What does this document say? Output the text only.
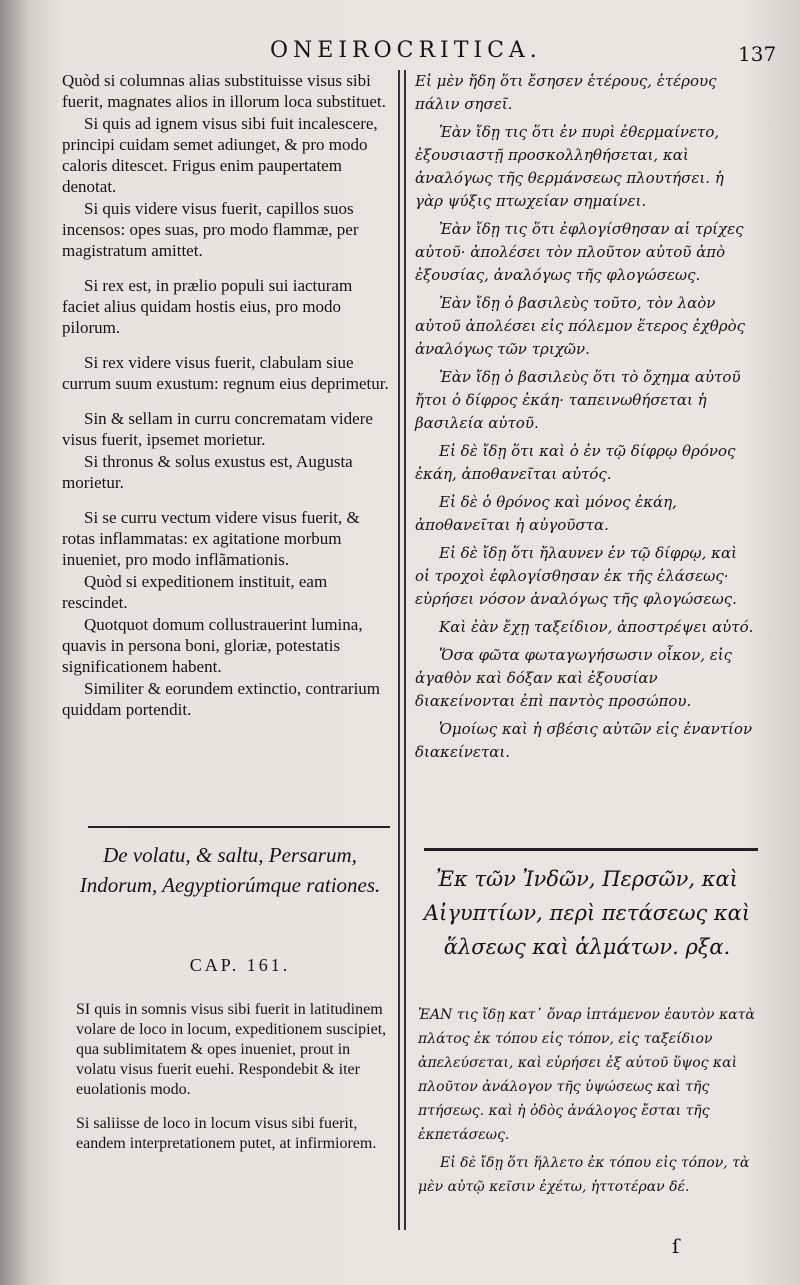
ONEIROCRITICA.	137

Quòd si columnas alias substituisse visus sibi fuerit, magnates alios in illorum loca substituet.

Si quis ad ignem visus sibi fuit incalescere, principi cuidam semet adiunget, & pro modo caloris ditescet. Frigus enim paupertatem denotat.

Si quis videre visus fuerit, capillos suos incensos: opes suas, pro modo flammæ, per magistratum amittet.

Si rex est, in prælio populi sui iacturam faciet alius quidam hostis eius, pro modo pilorum.

Si rex videre visus fuerit, clabulam siue currum suum exustum: regnum eius deprimetur.

Sin & sellam in curru concrematam videre visus fuerit, ipsemet morietur.

Si thronus & solus exustus est, Augusta morietur.

Si se curru vectum videre visus fuerit, & rotas inflammatas: ex agitatione morbum inueniet, pro modo inflãmationis.

Quòd si expeditionem instituit, eam rescindet.

Quotquot domum collustrauerint lumina, quavis in persona boni, gloriæ, potestatis significationem habent.

Similiter & eorundem extinctio, contrarium quiddam portendit.

De volatu, & saltu, Persarum, Indorum, Aegyptiorúmque rationes.
CAP. 161.

SI quis in somnis visus sibi fuerit in latitudinem volare de loco in locum, expeditionem suscipiet, qua sublimitatem & opes inueniet, prout in volatu visus fuerit euehi. Respondebit & iter euolationis modo.

Si saliisse de loco in locum visus sibi fuerit, eandem interpretationem putet, at infirmiorem.

Εἰ μὲν ἤδη ὅτι ἔσησεν ἑτέρους, ἑτέρους πάλιν σησεῖ.

Ἐὰν ἴδῃ τις ὅτι ἐν πυρὶ ἐθερμαίνετο, ἐξουσιαστῇ προσκολληθήσεται, καὶ ἀναλόγως τῆς θερμάνσεως πλουτήσει. ἡ γὰρ ψύξις πτωχείαν σημαίνει.

Ἐὰν ἴδῃ τις ὅτι ἐφλογίσθησαν αἱ τρίχες αὐτοῦ· ἀπολέσει τὸν πλοῦτον αὐτοῦ ἀπὸ ἐξουσίας, ἀναλόγως τῆς φλογώσεως.

Ἐὰν ἴδῃ ὁ βασιλεὺς τοῦτο, τὸν λαὸν αὐτοῦ ἀπολέσει εἰς πόλεμον ἕτερος ἐχθρὸς ἀναλόγως τῶν τριχῶν.

Ἐὰν ἴδῃ ὁ βασιλεὺς ὅτι τὸ ὄχημα αὐτοῦ ἤτοι ὁ δίφρος ἐκάη· ταπεινωθήσεται ἡ βασιλεία αὐτοῦ.

Εἰ δὲ ἴδῃ ὅτι καὶ ὁ ἐν τῷ δίφρῳ θρόνος ἐκάη, ἀποθανεῖται αὐτός.

Εἰ δὲ ὁ θρόνος καὶ μόνος ἐκάη, ἀποθανεῖται ἡ αὐγοῦστα.

Εἰ δὲ ἴδῃ ὅτι ἤλαυνεν ἐν τῷ δίφρῳ, καὶ οἱ τροχοὶ ἐφλογίσθησαν ἐκ τῆς ἐλάσεως· εὑρήσει νόσον ἀναλόγως τῆς φλογώσεως.

Καὶ ἐὰν ἔχῃ ταξείδιον, ἀποστρέψει αὐτό.

Ὅσα φῶτα φωταγωγήσωσιν οἶκον, εἰς ἀγαθὸν καὶ δόξαν καὶ ἐξουσίαν διακείνονται ἐπὶ παντὸς προσώπου.

Ὁμοίως καὶ ἡ σβέσις αὐτῶν εἰς ἐναντίον διακείνεται.

Ἐκ τῶν Ἰνδῶν, Περσῶν, καὶ Αἰγυπτίων, περὶ πετάσεως καὶ ἅλσεως καὶ ἁλμάτων. ρξα.

ἘΑΝ τις ἴδῃ κατ᾽ ὄναρ ἱπτάμενον ἑαυτὸν κατὰ πλάτος ἐκ τόπου εἰς τόπον, εἰς ταξείδιον ἀπελεύσεται, καὶ εὑρήσει ἐξ αὐτοῦ ὕψος καὶ πλοῦτον ἀνάλογον τῆς ὑψώσεως καὶ τῆς πτήσεως. καὶ ἡ ὁδὸς ἀνάλογος ἔσται τῆς ἐκπετάσεως.

Εἰ δὲ ἴδῃ ὅτι ἥλλετο ἐκ τόπου εἰς τόπον, τὰ μὲν αὐτῷ κεῖσιν ἐχέτω, ἡττοτέραν δέ.

ſ
